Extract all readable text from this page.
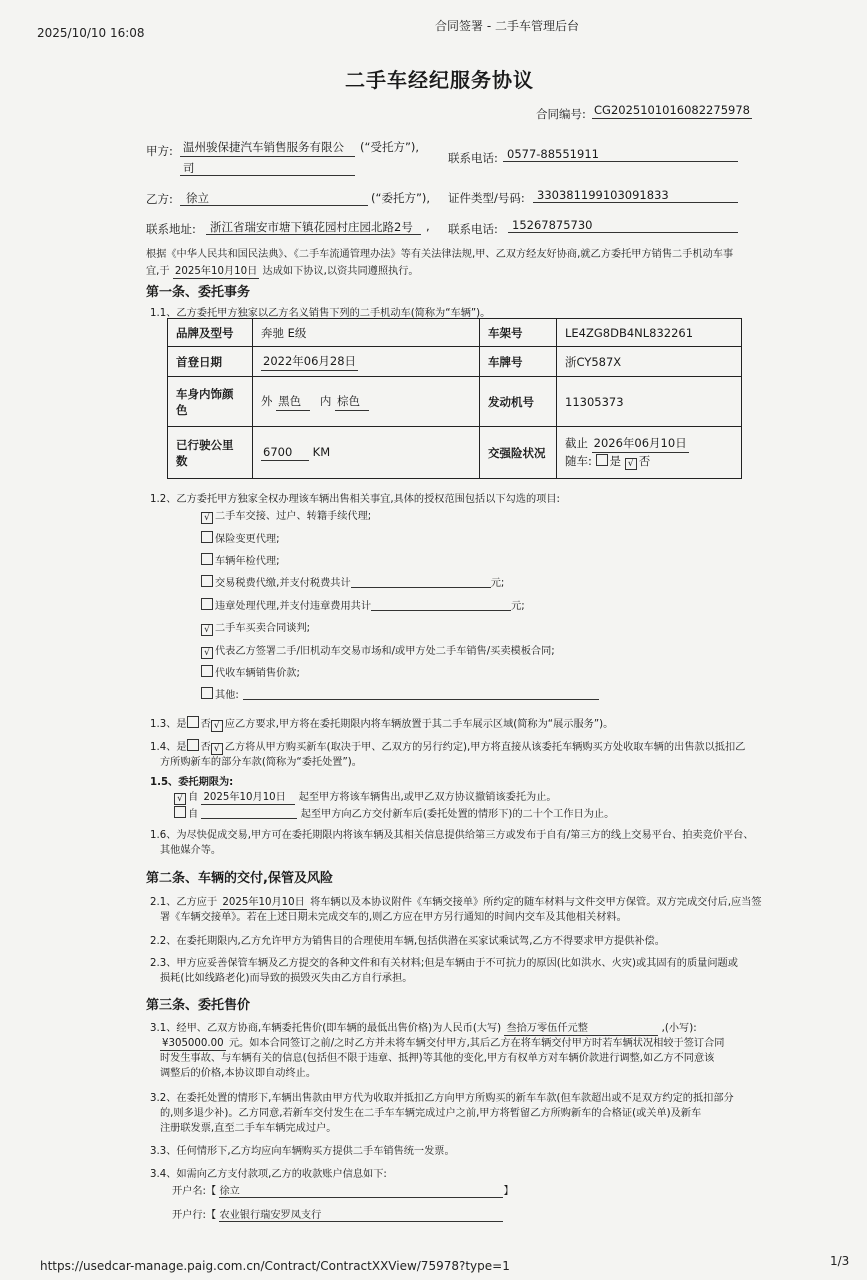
2025/10/10 16:08	合同签署 - 二手车管理后台
二手车经纪服务协议
合同编号: CG2025101016082275978
甲方: 温州骏保捷汽车销售服务有限公
司
(“受托方”),
联系电话: 0577-88551911
乙方: 徐立	(“委托方”), 证件类型/号码: 330381199103091833
联系地址: 浙江省瑞安市塘下镇花园村庄园北路2号 , 联系电话: 15267875730
根据《中华人民共和国民法典》、《二手车流通管理办法》等有关法律法规,甲、乙双方经友好协商,就乙方委托甲方销售二手机动车事
宜,于 2025年10月10日 达成如下协议,以资共同遵照执行。
第一条、委托事务
1.1、乙方委托甲方独家以乙方名义销售下列的二手机动车(简称为“车辆”)。
品牌及型号	奔驰 E级	车架号	LE4ZG8DB4NL832261
首登日期	2022年06月28日	车牌号	浙CY587X
车身内饰颜
色	外 黑色 内 棕色	发动机号	11305373
已行驶公里
数	6700 KM	交强险状况	截止 2026年06月10日
随车: 是 √ 否
1.2、乙方委托甲方独家全权办理该车辆出售相关事宜,具体的授权范围包括以下勾选的项目:
√ 二手车交接、过户、转籍手续代理;
保险变更代理;
车辆年检代理;
交易税费代缴,并支付税费共计	元;
违章处理代理,并支付违章费用共计	元;
√ 二手车买卖合同谈判;
√ 代表乙方签署二手/旧机动车交易市场和/或甲方处二手车销售/买卖模板合同;
代收车辆销售价款;
其他:
1.3、是 否 √ 应乙方要求,甲方将在委托期限内将车辆放置于其二手车展示区域(简称为“展示服务”)。
1.4、是 否 √ 乙方将从甲方购买新车(取决于甲、乙双方的另行约定),甲方将直接从该委托车辆购买方处收取车辆的出售款以抵扣乙
方所购新车的部分车款(简称为“委托处置”)。
1.5、委托期限为:
√ 自 2025年10月10日 起至甲方将该车辆售出,或甲乙双方协议撤销该委托为止。
自	起至甲方向乙方交付新车后(委托处置的情形下)的二十个工作日为止。
1.6、为尽快促成交易,甲方可在委托期限内将该车辆及其相关信息提供给第三方或发布于自有/第三方的线上交易平台、拍卖竞价平台、
其他媒介等。
第二条、车辆的交付,保管及风险
2.1、乙方应于 2025年10月10日 将车辆以及本协议附件《车辆交接单》所约定的随车材料与文件交甲方保管。双方完成交付后,应当签
署《车辆交接单》。若在上述日期未完成交车的,则乙方应在甲方另行通知的时间内交车及其他相关材料。
2.2、在委托期限内,乙方允许甲方为销售目的合理使用车辆,包括供潜在买家试乘试驾,乙方不得要求甲方提供补偿。
2.3、甲方应妥善保管车辆及乙方提交的各种文件和有关材料;但是车辆由于不可抗力的原因(比如洪水、火灾)或其固有的质量问题或
损耗(比如线路老化)而导致的损毁灭失由乙方自行承担。
第三条、委托售价
3.1、经甲、乙双方协商,车辆委托售价(即车辆的最低出售价格)为人民币(大写) 叁拾万零伍仟元整	,(小写):
¥305000.00 元。如本合同签订之前/之时乙方并未将车辆交付甲方,其后乙方在将车辆交付甲方时若车辆状况相较于签订合同
时发生事故、与车辆有关的信息(包括但不限于违章、抵押)等其他的变化,甲方有权单方对车辆价款进行调整,如乙方不同意该
调整后的价格,本协议即自动终止。
3.2、在委托处置的情形下,车辆出售款由甲方代为收取并抵扣乙方向甲方所购买的新车车款(但车款超出或不足双方约定的抵扣部分
的,则多退少补)。乙方同意,若新车交付发生在二手车车辆完成过户之前,甲方将暂留乙方所购新车的合格证(或关单)及新车
注册联发票,直至二手车车辆完成过户。
3.3、任何情形下,乙方均应向车辆购买方提供二手车销售统一发票。
3.4、如需向乙方支付款项,乙方的收款账户信息如下:
开户名:【 徐立	】
开户行:【 农业银行瑞安罗凤支行
https://usedcar-manage.paig.com.cn/Contract/ContractXXView/75978?type=1	1/3
